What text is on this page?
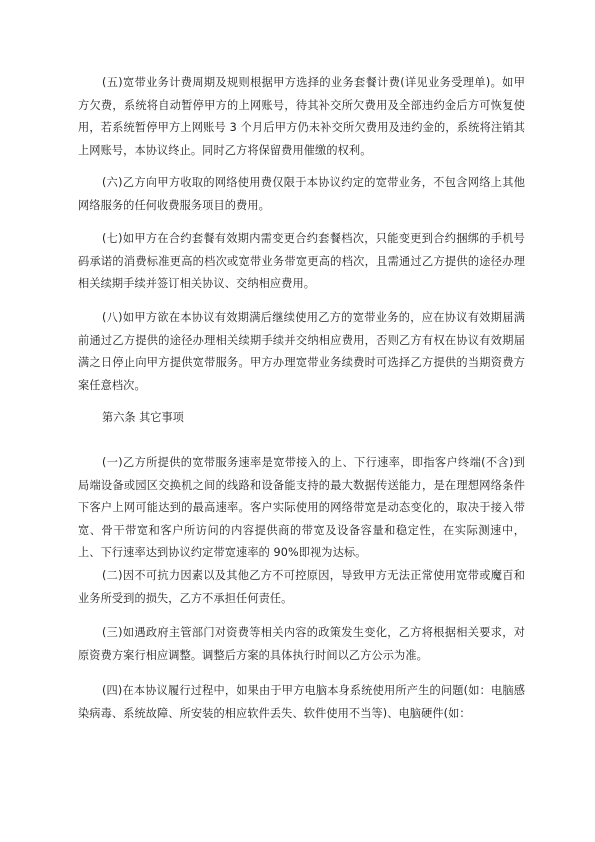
(五)宽带业务计费周期及规则根据甲方选择的业务套餐计费(详见业务受理单)。如甲方欠费，系统将自动暂停甲方的上网账号，待其补交所欠费用及全部违约金后方可恢复使用，若系统暂停甲方上网账号 3 个月后甲方仍未补交所欠费用及违约金的，系统将注销其上网账号，本协议终止。同时乙方将保留费用催缴的权利。

(六)乙方向甲方收取的网络使用费仅限于本协议约定的宽带业务，不包含网络上其他网络服务的任何收费服务项目的费用。

(七)如甲方在合约套餐有效期内需变更合约套餐档次，只能变更到合约捆绑的手机号码承诺的消费标准更高的档次或宽带业务带宽更高的档次，且需通过乙方提供的途径办理相关续期手续并签订相关协议、交纳相应费用。

(八)如甲方欲在本协议有效期满后继续使用乙方的宽带业务的，应在协议有效期届满前通过乙方提供的途径办理相关续期手续并交纳相应费用，否则乙方有权在协议有效期届满之日停止向甲方提供宽带服务。甲方办理宽带业务续费时可选择乙方提供的当期资费方案任意档次。

第六条 其它事项

(一)乙方所提供的宽带服务速率是宽带接入的上、下行速率，即指客户终端(不含)到局端设备或园区交换机之间的线路和设备能支持的最大数据传送能力，是在理想网络条件下客户上网可能达到的最高速率。客户实际使用的网络带宽是动态变化的，取决于接入带宽、骨干带宽和客户所访问的内容提供商的带宽及设备容量和稳定性，在实际测速中，上、下行速率达到协议约定带宽速率的 90%即视为达标。

(二)因不可抗力因素以及其他乙方不可控原因，导致甲方无法正常使用宽带或魔百和业务所受到的损失，乙方不承担任何责任。

(三)如遇政府主管部门对资费等相关内容的政策发生变化，乙方将根据相关要求，对原资费方案行相应调整。调整后方案的具体执行时间以乙方公示为准。

(四)在本协议履行过程中，如果由于甲方电脑本身系统使用所产生的问题(如：电脑感染病毒、系统故障、所安装的相应软件丢失、软件使用不当等)、电脑硬件(如：
